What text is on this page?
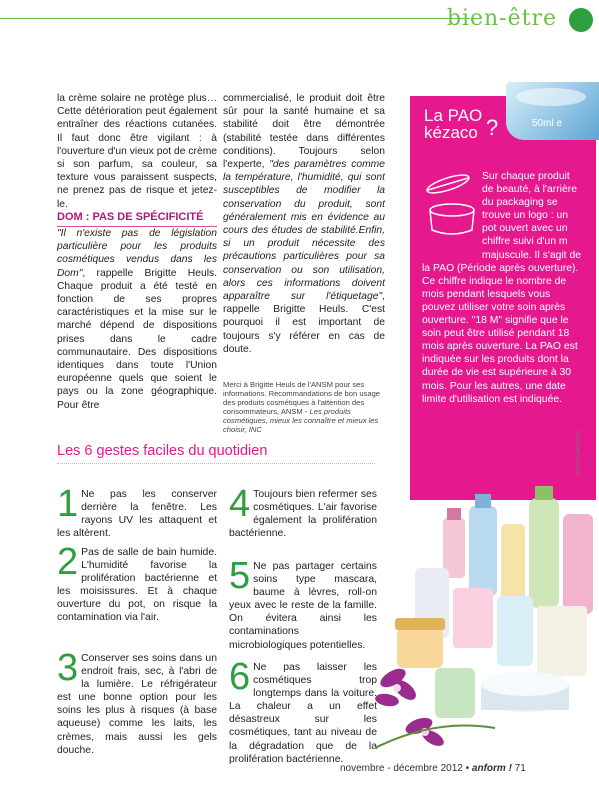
bien-être

la crème solaire ne protège plus… Cette détérioration peut également entraîner des réactions cutanées. Il faut donc être vigilant : à l'ouverture d'un vieux pot de crème si son parfum, sa couleur, sa texture vous paraissent suspects, ne prenez pas de risque et jetez-le.

DOM : PAS DE SPÉCIFICITÉ

"Il n'existe pas de législation particulière pour les produits cosmétiques vendus dans les Dom", rappelle Brigitte Heuls. Chaque produit a été testé en fonction de ses propres caractéristiques et la mise sur le marché dépend de dispositions prises dans le cadre communautaire. Des dispositions identiques dans toute l'Union européenne quels que soient le pays ou la zone géographique. Pour être

commercialisé, le produit doit être sûr pour la santé humaine et sa stabilité doit être démontrée (stabilité testée dans différentes conditions). Toujours selon l'experte, "des paramètres comme la température, l'humidité, qui sont susceptibles de modifier la conservation du produit, sont généralement mis en évidence au cours des études de stabilité.Enfin, si un produit nécessite des précautions particulières pour sa conservation ou son utilisation, alors ces informations doivent apparaître sur l'étiquetage", rappelle Brigitte Heuls. C'est pourquoi il est important de toujours s'y référer en cas de doute.

Merci à Brigitte Heuls de l'ANSM pour ses informations. Recommandations de bon usage des produits cosmétiques à l'attention des consommateurs, ANSM - Les produits cosmétiques, mieux les connaître et mieux les choisir, INC

50ml e
La PAO
kézaco ?
Sur chaque produit de beauté, à l'arrière du packaging se trouve un logo : un pot ouvert avec un chiffre suivi d'un m majuscule. Il s'agit de la PAO (Période après ouverture). Ce chiffre indique le nombre de mois pendant lesquels vous pouvez utiliser votre soin après ouverture. "18 M" signifie que le soin peut être utilisé pendant 18 mois après ouverture. La PAO est indiquée sur les produits dont la durée de vie est supérieure à 30 mois. Pour les autres, une date limite d'utilisation est indiquée.
©FOTOLIA/OKTO
Les 6 gestes faciles du quotidien
1 Ne pas les conserver derrière la fenêtre. Les rayons UV les attaquent et les altèrent.
2 Pas de salle de bain humide. L'humidité favorise la prolifération bactérienne et les moisissures. Et à chaque ouverture du pot, on risque la contamination via l'air.
3 Conserver ses soins dans un endroit frais, sec, à l'abri de la lumière. Le réfrigérateur est une bonne option pour les soins les plus à risques (à base aqueuse) comme les laits, les crèmes, mais aussi les gels douche.
4 Toujours bien refermer ses cosmétiques. L'air favorise également la prolifération bactérienne.
5 Ne pas partager certains soins type mascara, baume à lèvres, roll-on yeux avec le reste de la famille. On évitera ainsi les contaminations microbiologiques potentielles.
6 Ne pas laisser les cosmétiques trop longtemps dans la voiture. La chaleur a un effet désastreux sur les cosmétiques, tant au niveau de la dégradation que de la prolifération bactérienne.
novembre - décembre 2012 • anform ! 71
